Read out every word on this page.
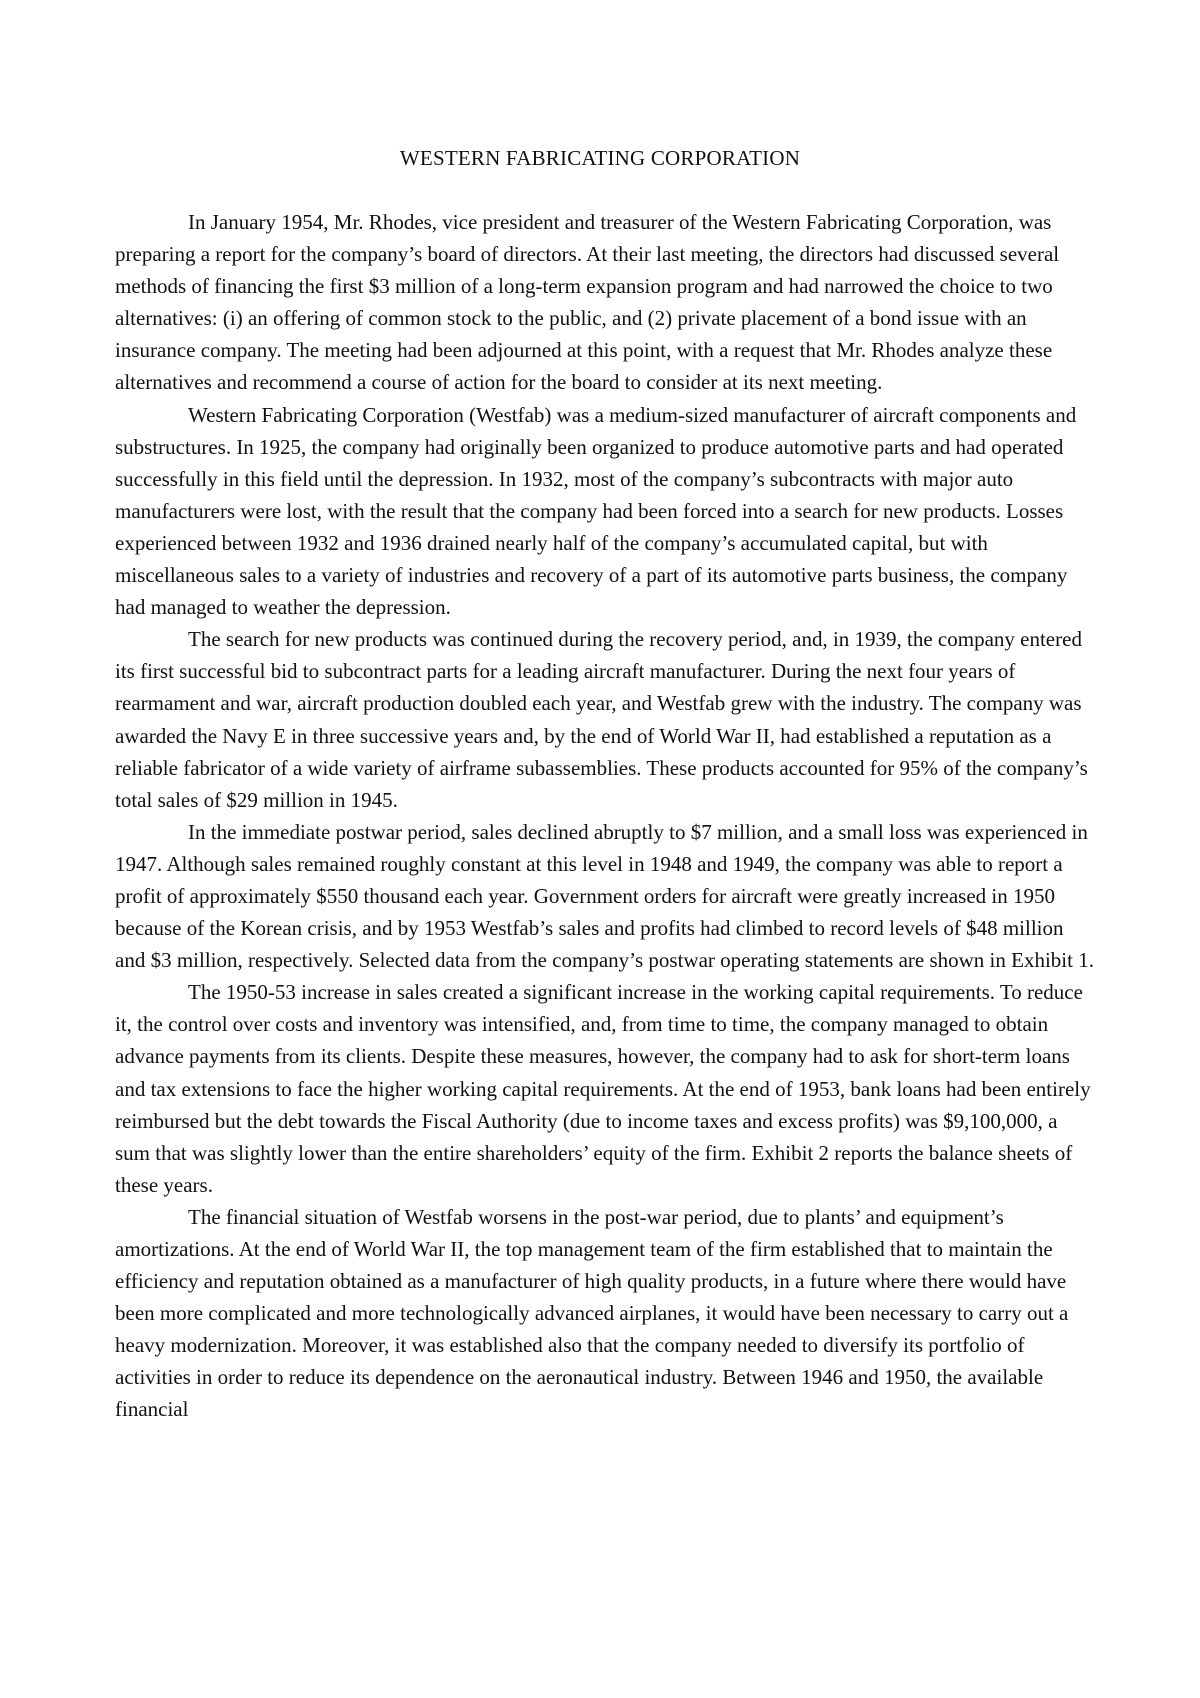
WESTERN FABRICATING CORPORATION

In January 1954, Mr. Rhodes, vice president and treasurer of the Western Fabricating Corporation, was preparing a report for the company’s board of directors. At their last meeting, the directors had discussed several methods of financing the first $3 million of a long-term expansion program and had narrowed the choice to two alternatives: (i) an offering of common stock to the public, and (2) private placement of a bond issue with an insurance company. The meeting had been adjourned at this point, with a request that Mr. Rhodes analyze these alternatives and recommend a course of action for the board to consider at its next meeting.

Western Fabricating Corporation (Westfab) was a medium-sized manufacturer of aircraft components and substructures. In 1925, the company had originally been organized to produce automotive parts and had operated successfully in this field until the depression. In 1932, most of the company’s subcontracts with major auto manufacturers were lost, with the result that the company had been forced into a search for new products. Losses experienced between 1932 and 1936 drained nearly half of the company’s accumulated capital, but with miscellaneous sales to a variety of industries and recovery of a part of its automotive parts business, the company had managed to weather the depression.

The search for new products was continued during the recovery period, and, in 1939, the company entered its first successful bid to subcontract parts for a leading aircraft manufacturer. During the next four years of rearmament and war, aircraft production doubled each year, and Westfab grew with the industry. The company was awarded the Navy E in three successive years and, by the end of World War II, had established a reputation as a reliable fabricator of a wide variety of airframe subassemblies. These products accounted for 95% of the company’s total sales of $29 million in 1945.

In the immediate postwar period, sales declined abruptly to $7 million, and a small loss was experienced in 1947. Although sales remained roughly constant at this level in 1948 and 1949, the company was able to report a profit of approximately $550 thousand each year. Government orders for aircraft were greatly increased in 1950 because of the Korean crisis, and by 1953 Westfab’s sales and profits had climbed to record levels of $48 million and $3 million, respectively. Selected data from the company’s postwar operating statements are shown in Exhibit 1.

The 1950-53 increase in sales created a significant increase in the working capital requirements. To reduce it, the control over costs and inventory was intensified, and, from time to time, the company managed to obtain advance payments from its clients. Despite these measures, however, the company had to ask for short-term loans and tax extensions to face the higher working capital requirements. At the end of 1953, bank loans had been entirely reimbursed but the debt towards the Fiscal Authority (due to income taxes and excess profits) was $9,100,000, a sum that was slightly lower than the entire shareholders’ equity of the firm. Exhibit 2 reports the balance sheets of these years.

The financial situation of Westfab worsens in the post-war period, due to plants’ and equipment’s amortizations. At the end of World War II, the top management team of the firm established that to maintain the efficiency and reputation obtained as a manufacturer of high quality products, in a future where there would have been more complicated and more technologically advanced airplanes, it would have been necessary to carry out a heavy modernization. Moreover, it was established also that the company needed to diversify its portfolio of activities in order to reduce its dependence on the aeronautical industry. Between 1946 and 1950, the available financial
